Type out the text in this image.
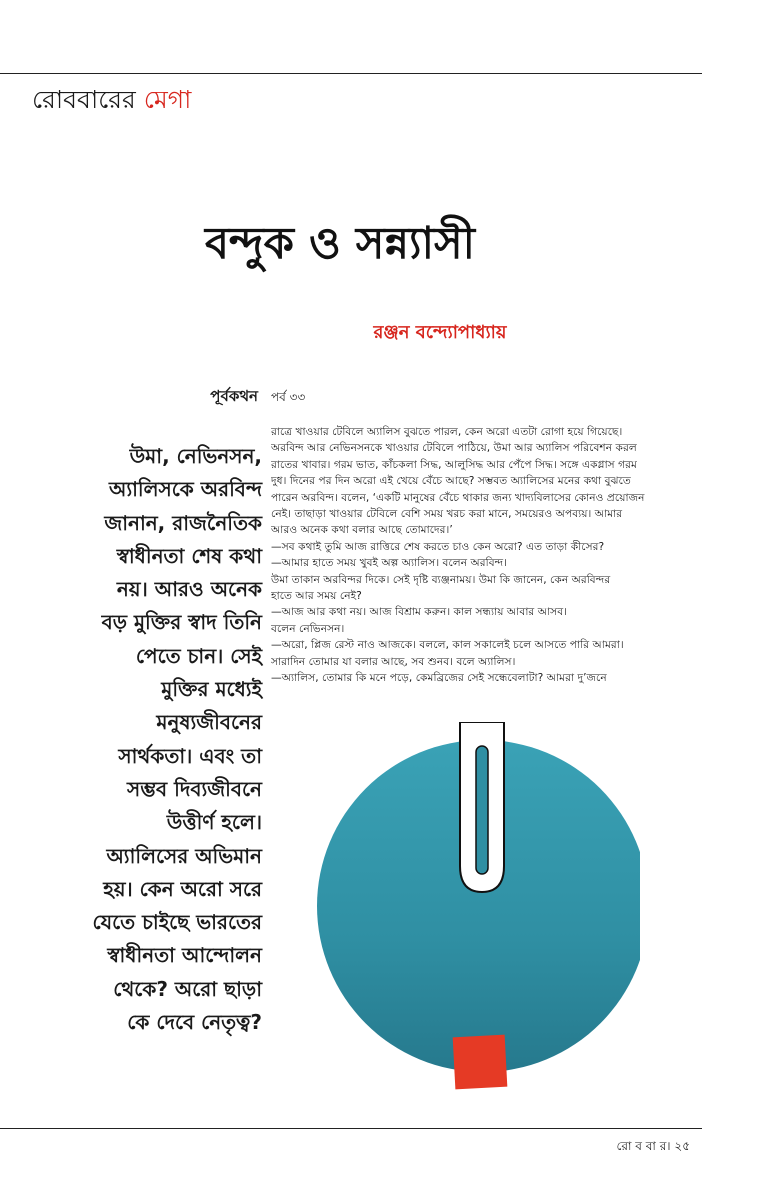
রোববারের মেগা
বন্দুক ও সন্ন্যাসী
রঞ্জন বন্দ্যোপাধ্যায়
পূর্বকথন
উমা, নেভিনসন,
অ্যালিসকে অরবিন্দ
জানান, রাজনৈতিক
স্বাধীনতা শেষ কথা
নয়। আরও অনেক
বড় মুক্তির স্বাদ তিনি
পেতে চান। সেই
মুক্তির মধ্যেই
মনুষ্যজীবনের
সার্থকতা। এবং তা
সম্ভব দিব্যজীবনে
উত্তীর্ণ হলে।
অ্যালিসের অভিমান
হয়। কেন অরো সরে
যেতে চাইছে ভারতের
স্বাধীনতা আন্দোলন
থেকে? অরো ছাড়া
কে দেবে নেতৃত্ব?
পর্ব ৩৩
রাত্রে খাওয়ার টেবিলে অ্যালিস বুঝতে পারল, কেন অরো এতটা রোগা হয়ে গিয়েছে।
অরবিন্দ আর নেভিনসনকে খাওয়ার টেবিলে পাঠিয়ে, উমা আর অ্যালিস পরিবেশন করল
রাতের খাবার। গরম ভাত, কাঁচকলা সিদ্ধ, আলুসিদ্ধ আর পেঁপে সিদ্ধ। সঙ্গে একগ্লাস গরম
দুধ। দিনের পর দিন অরো এই খেয়ে বেঁচে আছে? সম্ভবত অ্যালিসের মনের কথা বুঝতে
পারেন অরবিন্দ। বলেন, ‘একটি মানুষের বেঁচে থাকার জন্য খাদ্যবিলাসের কোনও প্রয়োজন
নেই। তাছাড়া খাওয়ার টেবিলে বেশি সময় খরচ করা মানে, সময়েরও অপব্যয়। আমার
আরও অনেক কথা বলার আছে তোমাদের।’
—সব কথাই তুমি আজ রাত্তিরে শেষ করতে চাও কেন অরো? এত তাড়া কীসের?
—আমার হাতে সময় খুবই অল্প অ্যালিস। বলেন অরবিন্দ।
উমা তাকান অরবিন্দর দিকে। সেই দৃষ্টি ব্যঞ্জনাময়। উমা কি জানেন, কেন অরবিন্দর
হাতে আর সময় নেই?
—আজ আর কথা নয়। আজ বিশ্রাম করুন। কাল সন্ধ্যায় আবার আসব।
বলেন নেভিনসন।
—অরো, প্লিজ রেস্ট নাও আজকে। বললে, কাল সকালেই চলে আসতে পারি আমরা।
সারাদিন তোমার যা বলার আছে, সব শুনব। বলে অ্যালিস।
—অ্যালিস, তোমার কি মনে পড়ে, কেমব্রিজের সেই সন্ধেবেলাটা? আমরা দু’জনে
রো ব বা র। ২৫
